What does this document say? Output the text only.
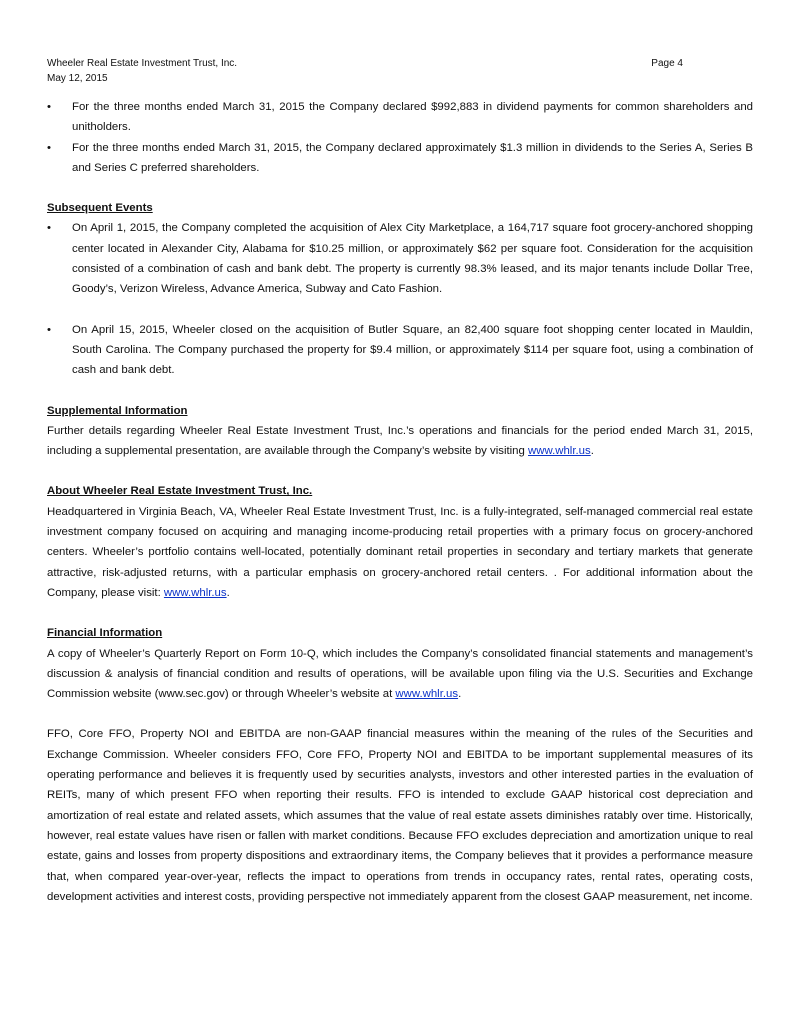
Wheeler Real Estate Investment Trust, Inc.	Page 4
May 12, 2015
•	For the three months ended March 31, 2015 the Company declared $992,883 in dividend payments for common shareholders and unitholders.
•	For the three months ended March 31, 2015, the Company declared approximately $1.3 million in dividends to the Series A, Series B and Series C preferred shareholders.

Subsequent Events

•	On April 1, 2015, the Company completed the acquisition of Alex City Marketplace, a 164,717 square foot grocery-anchored shopping center located in Alexander City, Alabama for $10.25 million, or approximately $62 per square foot. Consideration for the acquisition consisted of a combination of cash and bank debt. The property is currently 98.3% leased, and its major tenants include Dollar Tree, Goody’s, Verizon Wireless, Advance America, Subway and Cato Fashion.
•	On April 15, 2015, Wheeler closed on the acquisition of Butler Square, an 82,400 square foot shopping center located in Mauldin, South Carolina. The Company purchased the property for $9.4 million, or approximately $114 per square foot, using a combination of cash and bank debt.

Supplemental Information

Further details regarding Wheeler Real Estate Investment Trust, Inc.’s operations and financials for the period ended March 31, 2015, including a supplemental presentation, are available through the Company’s website by visiting www.whlr.us.

About Wheeler Real Estate Investment Trust, Inc.

Headquartered in Virginia Beach, VA, Wheeler Real Estate Investment Trust, Inc. is a fully-integrated, self-managed commercial real estate investment company focused on acquiring and managing income-producing retail properties with a primary focus on grocery-anchored centers. Wheeler’s portfolio contains well-located, potentially dominant retail properties in secondary and tertiary markets that generate attractive, risk-adjusted returns, with a particular emphasis on grocery-anchored retail centers. . For additional information about the Company, please visit: www.whlr.us.

Financial Information

A copy of Wheeler’s Quarterly Report on Form 10-Q, which includes the Company’s consolidated financial statements and management’s discussion & analysis of financial condition and results of operations, will be available upon filing via the U.S. Securities and Exchange Commission website (www.sec.gov) or through Wheeler’s website at www.whlr.us.

FFO, Core FFO, Property NOI and EBITDA are non-GAAP financial measures within the meaning of the rules of the Securities and Exchange Commission. Wheeler considers FFO, Core FFO, Property NOI and EBITDA to be important supplemental measures of its operating performance and believes it is frequently used by securities analysts, investors and other interested parties in the evaluation of REITs, many of which present FFO when reporting their results. FFO is intended to exclude GAAP historical cost depreciation and amortization of real estate and related assets, which assumes that the value of real estate assets diminishes ratably over time. Historically, however, real estate values have risen or fallen with market conditions. Because FFO excludes depreciation and amortization unique to real estate, gains and losses from property dispositions and extraordinary items, the Company believes that it provides a performance measure that, when compared year-over-year, reflects the impact to operations from trends in occupancy rates, rental rates, operating costs, development activities and interest costs, providing perspective not immediately apparent from the closest GAAP measurement, net income.
